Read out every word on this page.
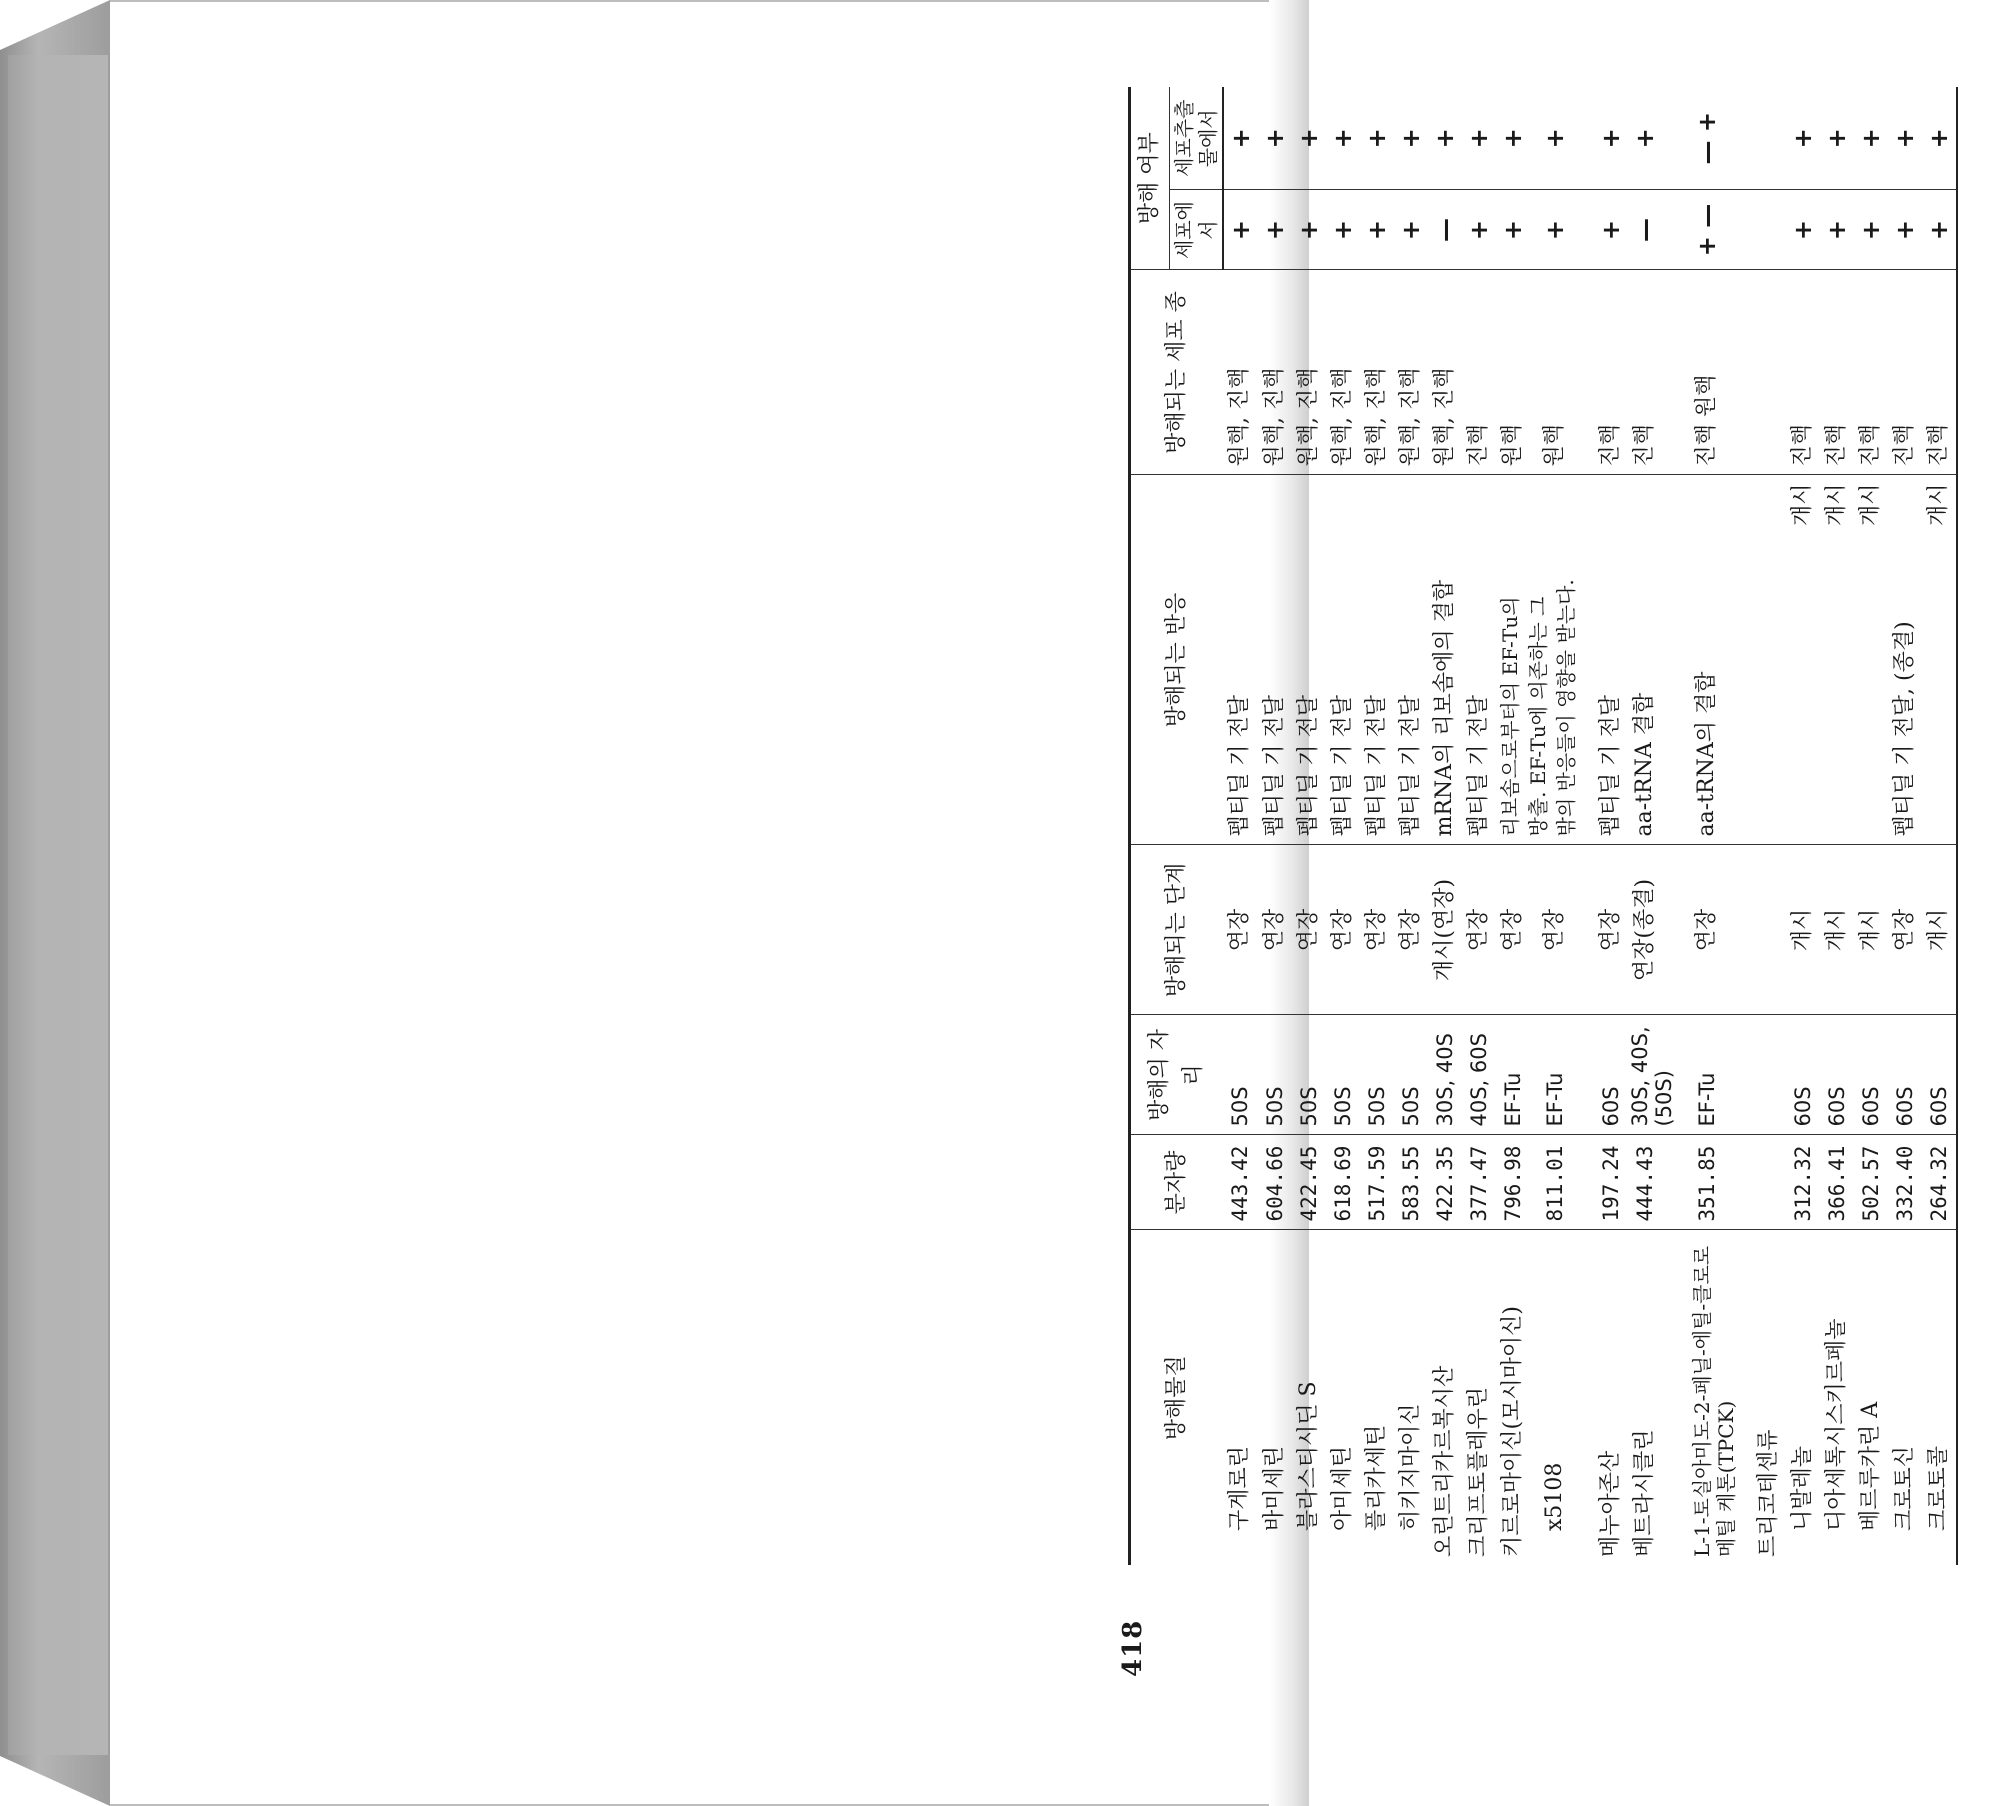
418
방해물질	분자량	방해의 자리	방해되는 단계	방해되는 반응	방해되는 세포 종	방해 여부	
						세포에서	세포추출물에서
구게로린	443.42	50S	연장	펩티딜 기 전달	원핵, 진핵	+	+
바미세린	604.66	50S	연장	펩티딜 기 전달	원핵, 진핵	+	+
블라스티시딘 S	422.45	50S	연장	펩티딜 기 전달	원핵, 진핵	+	+
아미세틴	618.69	50S	연장	펩티딜 기 전달	원핵, 진핵	+	+
플리카세틴	517.59	50S	연장	펩티딜 기 전달	원핵, 진핵	+	+
히키지마이신	583.55	50S	연장	펩티딜 기 전달	원핵, 진핵	+	+
오린트리카르복시산	422.35	30S, 40S	개시(연장)	mRNA의 리보솜에의 결합	원핵, 진핵	—	+
크리프토플레우린	377.47	40S, 60S	연장	펩티딜 기 전달	진핵	+	+
키르로마이신(모시마이신)	796.98	EF-Tu	연장	리보솜으로부터의 EF-Tu의 방출. EF-Tu에 의존하는 그 밖의 반응들이 영향을 받는다.	원핵	+	+
x5108	811.01	EF-Tu	연장		원핵	+	+

메누아존산	197.24	60S	연장	펩티딜 기 전달	진핵	+	+
베트라시클린	444.43	30S, 40S, (50S)	연장(종결)	aa-tRNA 결합	진핵	—	+

L-1-토실아미도-2-페닐-에틸-클로로메틸 케톤(TPCK)	351.85	EF-Tu	연장	aa-tRNA의 결합	진핵 원핵	+ —	— +

트리코테센류							
니발레놀	312.32	60S	개시	개시	진핵	+	+
디아세톡시스키르페놀	366.41	60S	개시	개시	진핵	+	+
베르루카린 A	502.57	60S	개시	개시	진핵	+	+
크로토신	332.40	60S	연장	펩티딜 기 전달, (종결)	진핵	+	+
크로토콜	264.32	60S	개시	개시	진핵	+	+
